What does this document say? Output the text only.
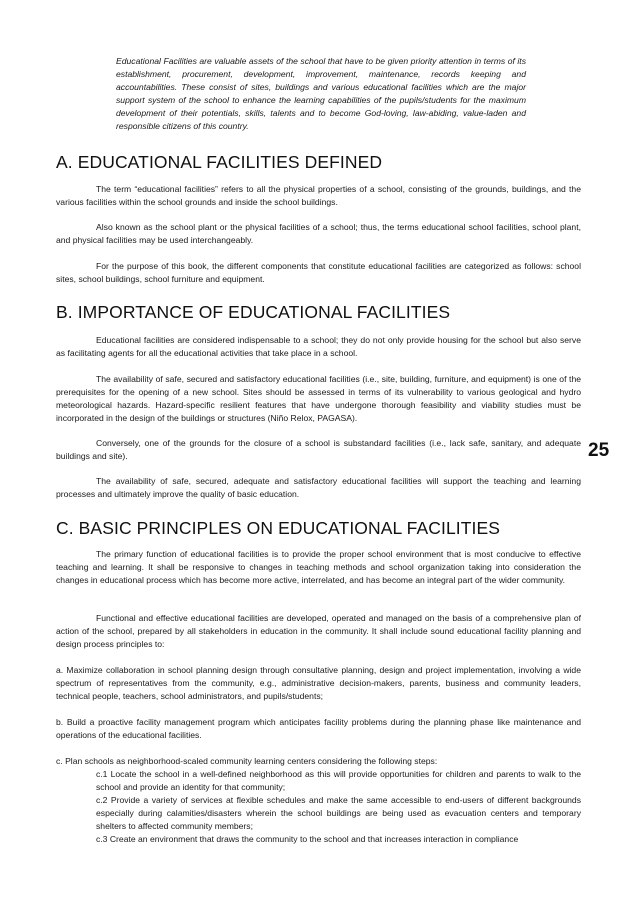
Educational Facilities are valuable assets of the school that have to be given priority attention in terms of its establishment, procurement, development, improvement, maintenance, records keeping and accountabilities. These consist of sites, buildings and various educational facilities which are the major support system of the school to enhance the learning capabilities of the pupils/students for the maximum development of their potentials, skills, talents and to become God-loving, law-abiding, value-laden and responsible citizens of this country.
A. EDUCATIONAL FACILITIES DEFINED
The term “educational facilities” refers to all the physical properties of a school, consisting of the grounds, buildings, and the various facilities within the school grounds and inside the school buildings.
Also known as the school plant or the physical facilities of a school; thus, the terms educational school facilities, school plant, and physical facilities may be used interchangeably.
For the purpose of this book, the different components that constitute educational facilities are categorized as follows: school sites, school buildings, school furniture and equipment.
B. IMPORTANCE OF EDUCATIONAL FACILITIES
Educational facilities are considered indispensable to a school; they do not only provide housing for the school but also serve as facilitating agents for all the educational activities that take place in a school.
The availability of safe, secured and satisfactory educational facilities (i.e., site, building, furniture, and equipment) is one of the prerequisites for the opening of a new school. Sites should be assessed in terms of its vulnerability to various geological and hydro meteorological hazards. Hazard-specific resilient features that have undergone thorough feasibility and viability studies must be incorporated in the design of the buildings or structures (Niño Relox, PAGASA).
Conversely, one of the grounds for the closure of a school is substandard facilities (i.e., lack safe, sanitary, and adequate buildings and site).
The availability of safe, secured, adequate and satisfactory educational facilities will support the teaching and learning processes and ultimately improve the quality of basic education.
C. BASIC PRINCIPLES ON EDUCATIONAL FACILITIES
The primary function of educational facilities is to provide the proper school environment that is most conducive to effective teaching and learning. It shall be responsive to changes in teaching methods and school organization taking into consideration the changes in educational process which has become more active, interrelated, and has become an integral part of the wider community.
Functional and effective educational facilities are developed, operated and managed on the basis of a comprehensive plan of action of the school, prepared by all stakeholders in education in the community. It shall include sound educational facility planning and design process principles to:
a. Maximize collaboration in school planning design through consultative planning, design and project implementation, involving a wide spectrum of representatives from the community, e.g., administrative decision-makers, parents, business and community leaders, technical people, teachers, school administrators, and pupils/students;
b. Build a proactive facility management program which anticipates facility problems during the planning phase like maintenance and operations of the educational facilities.
c. Plan schools as neighborhood-scaled community learning centers considering the following steps:
c.1 Locate the school in a well-defined neighborhood as this will provide opportunities for children and parents to walk to the school and provide an identity for that community;
c.2 Provide a variety of services at flexible schedules and make the same accessible to end-users of different backgrounds especially during calamities/disasters wherein the school buildings are being used as evacuation centers and temporary shelters to affected community members;
c.3 Create an environment that draws the community to the school and that increases interaction in compliance
25
